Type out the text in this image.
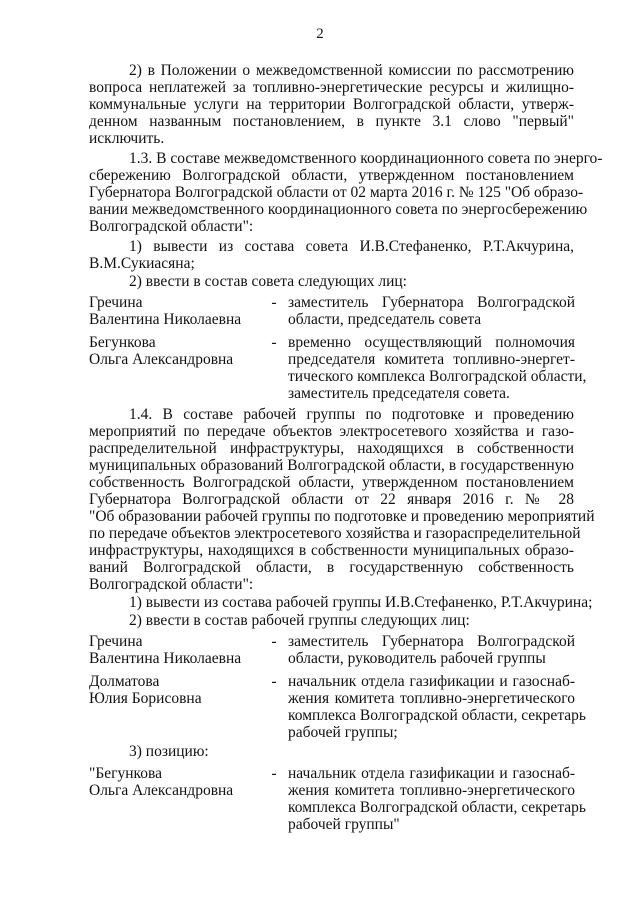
2
2) в Положении о межведомственной комиссии по рассмотрению
вопроса неплатежей за топливно-энергетические ресурсы и жилищно-
коммунальные услуги на территории Волгоградской области, утверж-
денном названным постановлением, в пункте 3.1 слово "первый"
исключить.
1.3. В составе межведомственного координационного совета по энерго-
сбережению Волгоградской области, утвержденном постановлением
Губернатора Волгоградской области от 02 марта 2016 г. № 125 "Об образо-
вании межведомственного координационного совета по энергосбережению
Волгоградской области":
1) вывести из состава совета И.В.Стефаненко, Р.Т.Акчурина,
В.М.Сукиасяна;
2) ввести в состав совета следующих лиц:
Гречина
Валентина Николаевна
- заместитель Губернатора Волгоградской
области, председатель совета
Бегункова
Ольга Александровна
- временно осуществляющий полномочия
председателя комитета топливно-энергет-
тического комплекса Волгоградской области,
заместитель председателя совета.
1.4. В составе рабочей группы по подготовке и проведению
мероприятий по передаче объектов электросетевого хозяйства и газо-
распределительной инфраструктуры, находящихся в собственности
муниципальных образований Волгоградской области, в государственную
собственность Волгоградской области, утвержденном постановлением
Губернатора Волгоградской области от 22 января 2016 г. № 28
"Об образовании рабочей группы по подготовке и проведению мероприятий
по передаче объектов электросетевого хозяйства и газораспределительной
инфраструктуры, находящихся в собственности муниципальных образо-
ваний Волгоградской области, в государственную собственность
Волгоградской области":
1) вывести из состава рабочей группы И.В.Стефаненко, Р.Т.Акчурина;
2) ввести в состав рабочей группы следующих лиц:
Гречина
Валентина Николаевна
- заместитель Губернатора Волгоградской
области, руководитель рабочей группы
Долматова
Юлия Борисовна
- начальник отдела газификации и газоснаб-
жения комитета топливно-энергетического
комплекса Волгоградской области, секретарь
рабочей группы;
3) позицию:
"Бегункова
Ольга Александровна
- начальник отдела газификации и газоснаб-
жения комитета топливно-энергетического
комплекса Волгоградской области, секретарь
рабочей группы"
